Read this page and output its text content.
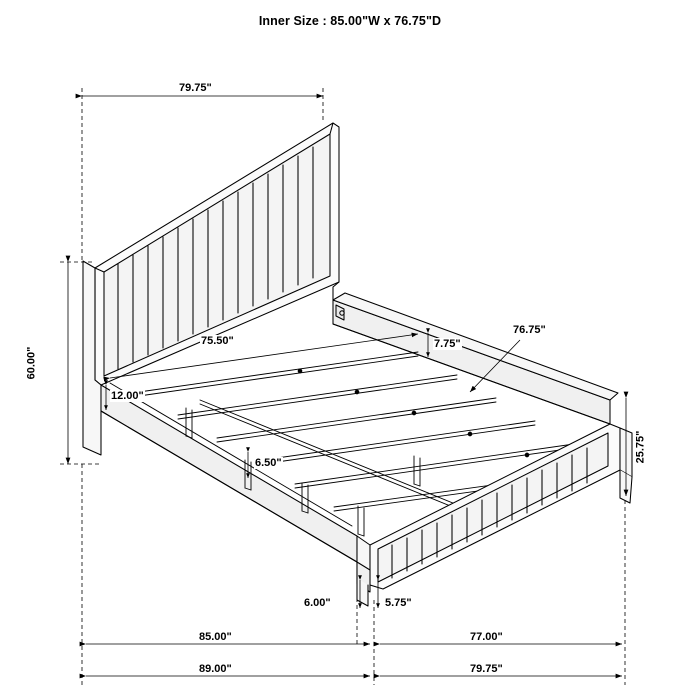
Inner Size : 85.00"W x 76.75"D
79.75"
60.00"
75.50"
76.75"
7.75"
12.00"
6.50"	25.75"
6.00"	5.75"
85.00"	77.00"
89.00"	79.75"
